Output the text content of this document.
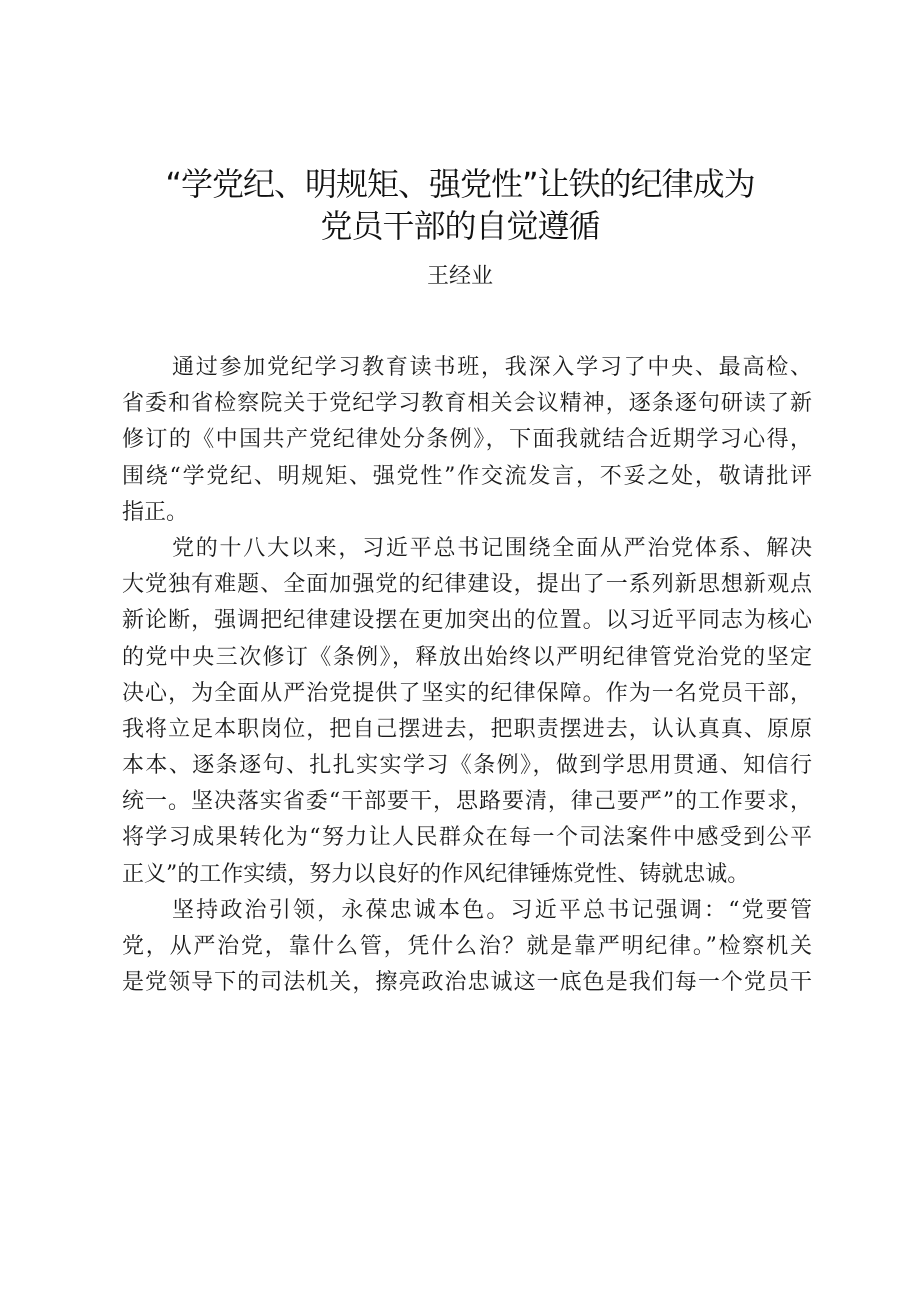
“学党纪、明规矩、强党性”让铁的纪律成为
党员干部的自觉遵循
王经业
通过参加党纪学习教育读书班，我深入学习了中央、最高检、
省委和省检察院关于党纪学习教育相关会议精神，逐条逐句研读了新
修订的《中国共产党纪律处分条例》，下面我就结合近期学习心得，
围绕“学党纪、明规矩、强党性”作交流发言，不妥之处，敬请批评
指正。
党的十八大以来，习近平总书记围绕全面从严治党体系、解决
大党独有难题、全面加强党的纪律建设，提出了一系列新思想新观点
新论断，强调把纪律建设摆在更加突出的位置。以习近平同志为核心
的党中央三次修订《条例》，释放出始终以严明纪律管党治党的坚定
决心，为全面从严治党提供了坚实的纪律保障。作为一名党员干部，
我将立足本职岗位，把自己摆进去，把职责摆进去，认认真真、原原
本本、逐条逐句、扎扎实实学习《条例》，做到学思用贯通、知信行
统一。坚决落实省委“干部要干，思路要清，律己要严”的工作要求，
将学习成果转化为“努力让人民群众在每一个司法案件中感受到公平
正义”的工作实绩，努力以良好的作风纪律锤炼党性、铸就忠诚。
坚持政治引领，永葆忠诚本色。习近平总书记强调：“党要管
党，从严治党，靠什么管，凭什么治？就是靠严明纪律。”检察机关
是党领导下的司法机关，擦亮政治忠诚这一底色是我们每一个党员干
